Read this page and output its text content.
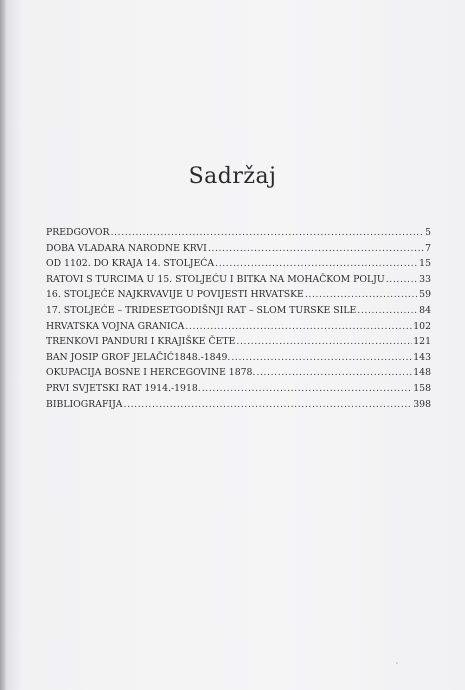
Sadržaj
PREDGOVOR .....	5
DOBA VLADARA NARODNE KRVI .....	7
OD 1102. DO KRAJA 14. STOLJEĆA .....	15
RATOVI S TURCIMA U 15. STOLJEĆU I BITKA NA MOHAČKOM POLJU .....	33
16. STOLJEĆE NAJKRVAVIJE U POVIJESTI HRVATSKE .....	59
17. STOLJEĆE – TRIDESETGODIŠNJI RAT – SLOM TURSKE SILE .....	84
HRVATSKA VOJNA GRANICA .....	102
TRENKOVI PANDURI I KRAJIŠKE ČETE .....	121
BAN JOSIP GROF JELAČIĆ1848.-1849. .....	143
OKUPACIJA BOSNE I HERCEGOVINE 1878. .....	148
PRVI SVJETSKI RAT 1914.-1918. .....	158
BIBLIOGRAFIJA .....	398
